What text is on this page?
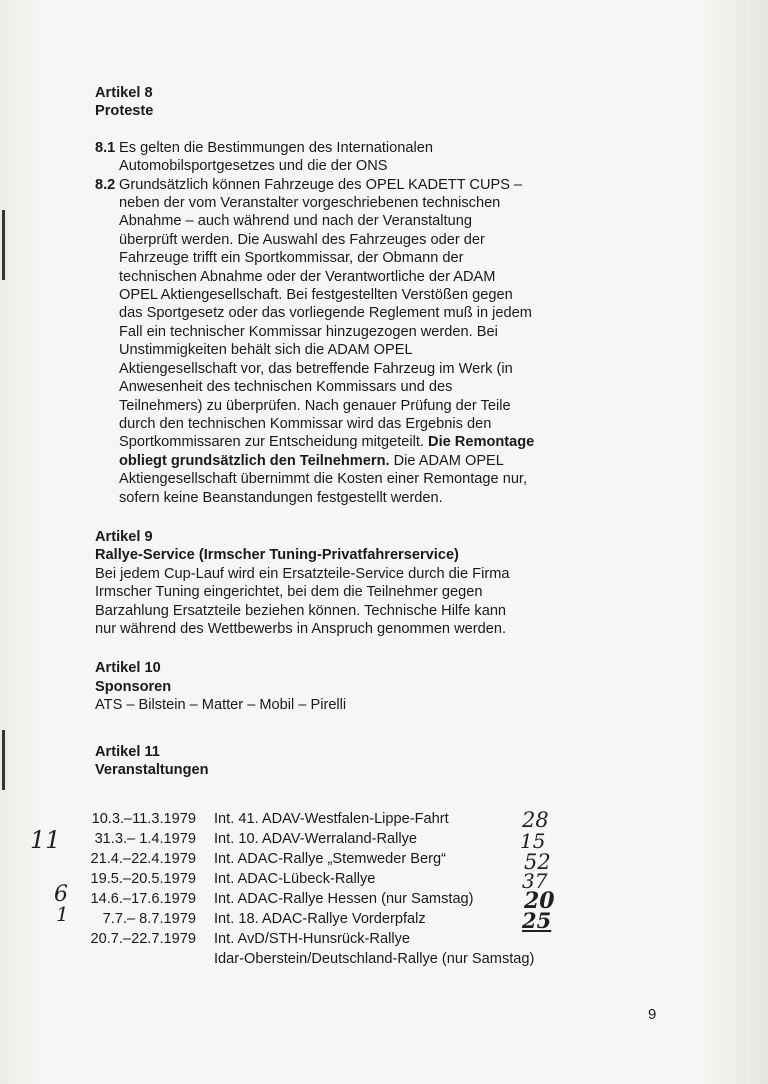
Artikel 8
Proteste
8.1 Es gelten die Bestimmungen des Internationalen
Automobilsportgesetzes und die der ONS
8.2 Grundsätzlich können Fahrzeuge des OPEL KADETT CUPS –
neben der vom Veranstalter vorgeschriebenen technischen
Abnahme – auch während und nach der Veranstaltung
überprüft werden. Die Auswahl des Fahrzeuges oder der
Fahrzeuge trifft ein Sportkommissar, der Obmann der
technischen Abnahme oder der Verantwortliche der ADAM
OPEL Aktiengesellschaft. Bei festgestellten Verstößen gegen
das Sportgesetz oder das vorliegende Reglement muß in jedem
Fall ein technischer Kommissar hinzugezogen werden. Bei
Unstimmigkeiten behält sich die ADAM OPEL
Aktiengesellschaft vor, das betreffende Fahrzeug im Werk (in
Anwesenheit des technischen Kommissars und des
Teilnehmers) zu überprüfen. Nach genauer Prüfung der Teile
durch den technischen Kommissar wird das Ergebnis den
Sportkommissaren zur Entscheidung mitgeteilt. Die Remontage
obliegt grundsätzlich den Teilnehmern. Die ADAM OPEL
Aktiengesellschaft übernimmt die Kosten einer Remontage nur,
sofern keine Beanstandungen festgestellt werden.
Artikel 9
Rallye-Service (Irmscher Tuning-Privatfahrerservice)
Bei jedem Cup-Lauf wird ein Ersatzteile-Service durch die Firma
Irmscher Tuning eingerichtet, bei dem die Teilnehmer gegen
Barzahlung Ersatzteile beziehen können. Technische Hilfe kann
nur während des Wettbewerbs in Anspruch genommen werden.
Artikel 10
Sponsoren
ATS – Bilstein – Matter – Mobil – Pirelli
Artikel 11
Veranstaltungen
10.3.–11.3.1979	Int. 41. ADAV-Westfalen-Lippe-Fahrt
31.3.– 1.4.1979	Int. 10. ADAV-Werraland-Rallye
21.4.–22.4.1979	Int. ADAC-Rallye „Stemweder Berg“
19.5.–20.5.1979	Int. ADAC-Lübeck-Rallye
14.6.–17.6.1979	Int. ADAC-Rallye Hessen (nur Samstag)
7.7.– 8.7.1979	Int. 18. ADAC-Rallye Vorderpfalz
20.7.–22.7.1979	Int. AvD/STH-Hunsrück-Rallye
Idar-Oberstein/Deutschland-Rallye (nur Samstag)
28
15
52
37
20
25
11
6
1
9
